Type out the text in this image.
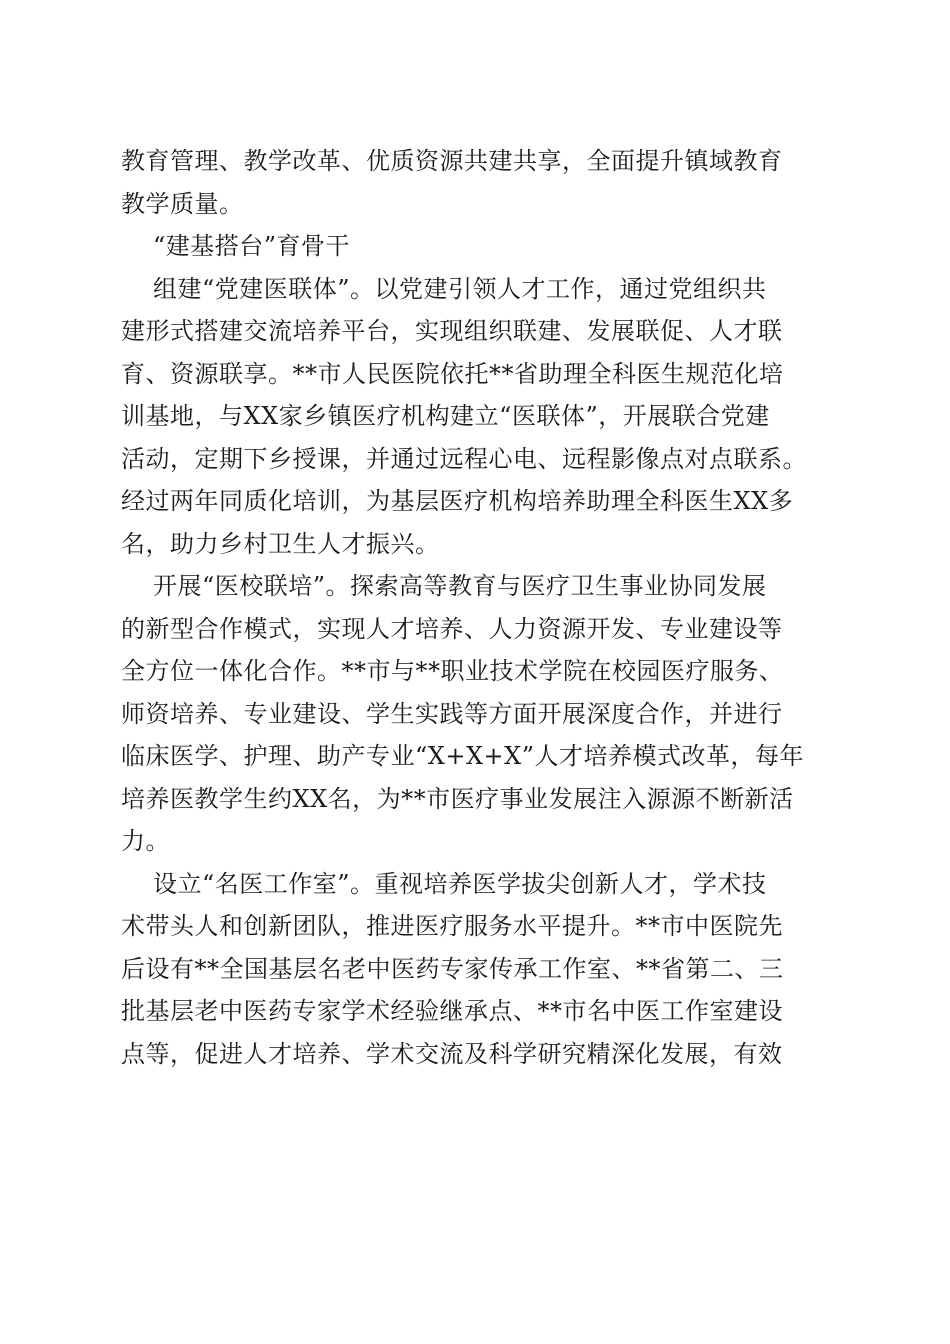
教育管理、教学改革、优质资源共建共享，全面提升镇域教育
教学质量。
“建基搭台”育骨干
组建“党建医联体”。以党建引领人才工作，通过党组织共
建形式搭建交流培养平台，实现组织联建、发展联促、人才联
育、资源联享。**市人民医院依托**省助理全科医生规范化培
训基地，与XX家乡镇医疗机构建立“医联体”，开展联合党建
活动，定期下乡授课，并通过远程心电、远程影像点对点联系。
经过两年同质化培训，为基层医疗机构培养助理全科医生XX多
名，助力乡村卫生人才振兴。
开展“医校联培”。探索高等教育与医疗卫生事业协同发展
的新型合作模式，实现人才培养、人力资源开发、专业建设等
全方位一体化合作。**市与**职业技术学院在校园医疗服务、
师资培养、专业建设、学生实践等方面开展深度合作，并进行
临床医学、护理、助产专业“X+X+X”人才培养模式改革，每年
培养医教学生约XX名，为**市医疗事业发展注入源源不断新活
力。
设立“名医工作室”。重视培养医学拔尖创新人才，学术技
术带头人和创新团队，推进医疗服务水平提升。**市中医院先
后设有**全国基层名老中医药专家传承工作室、**省第二、三
批基层老中医药专家学术经验继承点、**市名中医工作室建设
点等，促进人才培养、学术交流及科学研究精深化发展，有效
